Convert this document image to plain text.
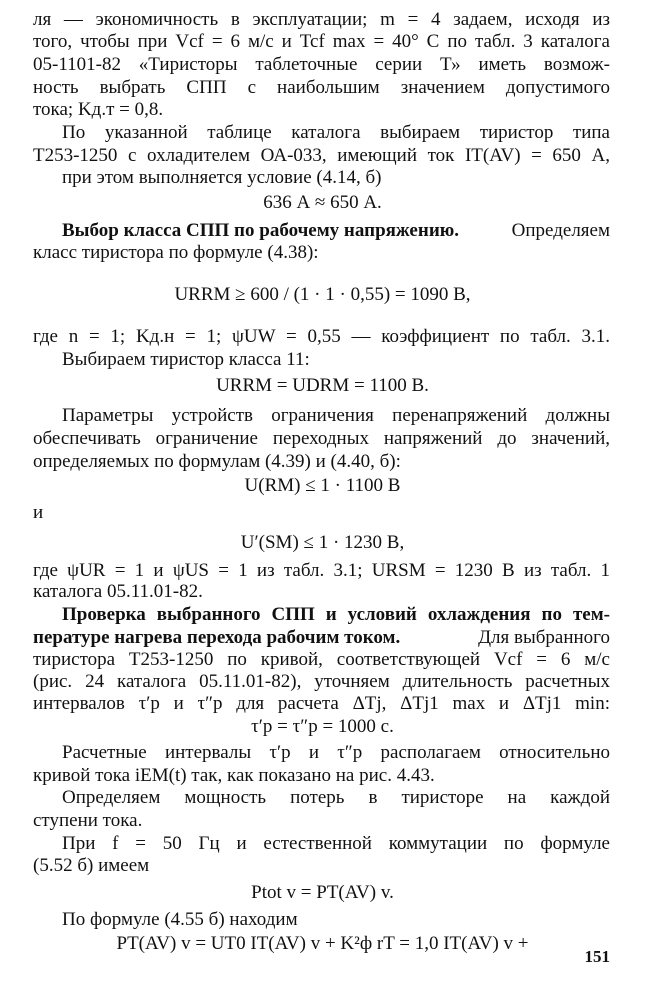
ля — экономичность в эксплуатации; m = 4 задаем, исходя из
того, чтобы при Vcf = 6 м/с и Tcf max = 40° С по табл. 3 каталога
05-1101-82 «Тиристоры таблеточные серии Т» иметь возмож-
ность выбрать СПП с наибольшим значением допустимого
тока; Kд.т = 0,8.
По указанной таблице каталога выбираем тиристор типа
Т253-1250 с охладителем ОА-033, имеющий ток IT(AV) = 650 А,
при этом выполняется условие (4.14, б)
636 А ≈ 650 А.
Выбор класса СПП по рабочему напряжению.	Определяем
класс тиристора по формуле (4.38):
URRM ≥ 600 / (1 · 1 · 0,55) = 1090 В,
где n = 1; Kд.н = 1; ψUW = 0,55 — коэффициент по табл. 3.1.
Выбираем тиристор класса 11:
URRM = UDRM = 1100 В.
Параметры устройств ограничения перенапряжений должны
обеспечивать ограничение переходных напряжений до значений,
определяемых по формулам (4.39) и (4.40, б):
U(RM) ≤ 1 · 1100 В
и
U′(SM) ≤ 1 · 1230 В,
где ψUR = 1 и ψUS = 1 из табл. 3.1; URSM = 1230 В из табл. 1
каталога 05.11.01-82.
Проверка выбранного СПП и условий охлаждения по тем-
пературе нагрева перехода рабочим током.	Для выбранного
тиристора Т253-1250 по кривой, соответствующей Vcf = 6 м/с
(рис. 24 каталога 05.11.01-82), уточняем длительность расчетных
интервалов τ′р и τ″р для расчета ΔTj, ΔTj1 max и ΔTj1 min:
τ′р = τ″р = 1000 с.
Расчетные интервалы τ′р и τ″р располагаем относительно
кривой тока iEM(t) так, как показано на рис. 4.43.
Определяем мощность потерь в тиристоре на каждой
ступени тока.
При f = 50 Гц и естественной коммутации по формуле
(5.52 б) имеем
Ptot v = PT(AV) v.
По формуле (4.55 б) находим
PT(AV) v = UT0 IT(AV) v + K²ф rT = 1,0 IT(AV) v +
151
